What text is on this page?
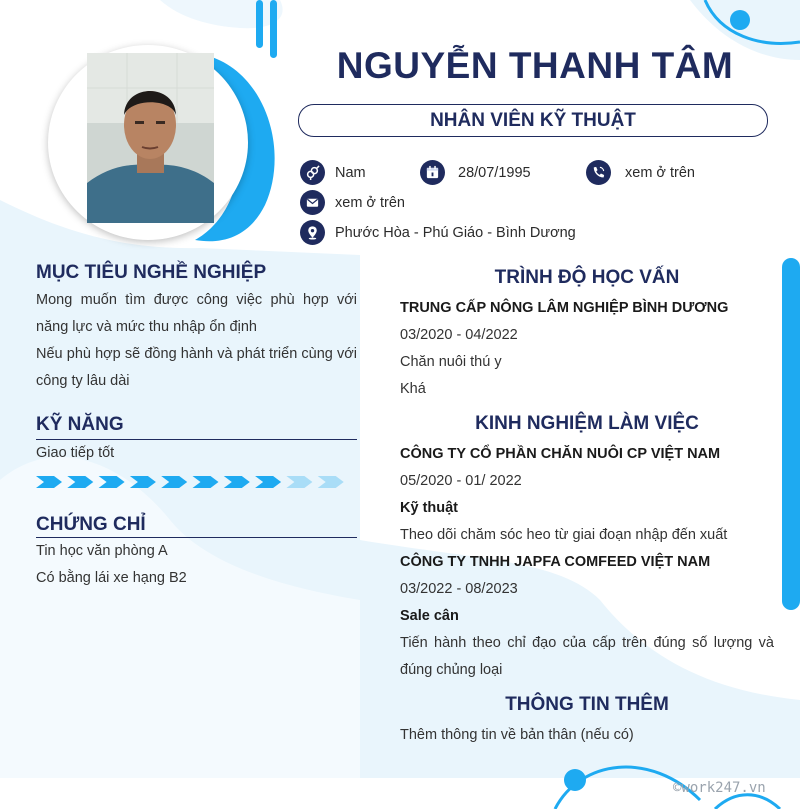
NGUYỄN THANH TÂM
NHÂN VIÊN KỸ THUẬT
Nam	28/07/1995	xem ở trên
xem ở trên
Phước Hòa - Phú Giáo - Bình Dương
MỤC TIÊU NGHỀ NGHIỆP
Mong muốn tìm được công việc phù hợp với năng lực và mức thu nhập ổn định
Nếu phù hợp sẽ đồng hành và phát triển cùng với công ty lâu dài
KỸ NĂNG
Giao tiếp tốt
CHỨNG CHỈ
Tin học văn phòng A
Có bằng lái xe hạng B2
TRÌNH ĐỘ HỌC VẤN
TRUNG CẤP NÔNG LÂM NGHIỆP BÌNH DƯƠNG
03/2020 - 04/2022
Chăn nuôi thú y
Khá
KINH NGHIỆM LÀM VIỆC
CÔNG TY CỔ PHẦN CHĂN NUÔI CP VIỆT NAM
05/2020 - 01/ 2022
Kỹ thuật
Theo dõi chăm sóc heo từ giai đoạn nhập đến xuất
CÔNG TY TNHH JAPFA COMFEED VIỆT NAM
03/2022 - 08/2023
Sale cân
Tiến hành theo chỉ đạo của cấp trên đúng số lượng và đúng chủng loại
THÔNG TIN THÊM
Thêm thông tin về bản thân (nếu có)
©work247.vn
